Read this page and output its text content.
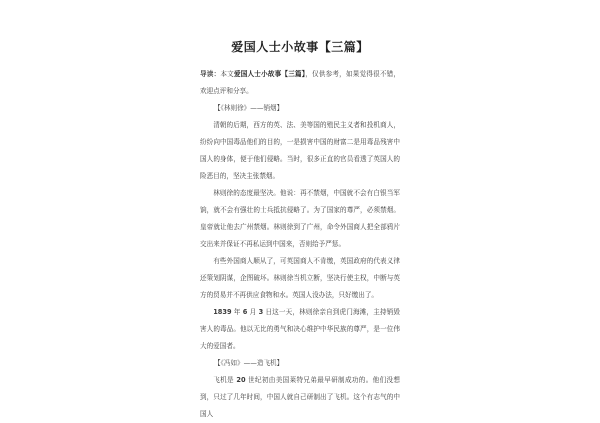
爱国人士小故事【三篇】

导读：本文爱国人士小故事【三篇】，仅供参考，如果觉得很不错，欢迎点评和分享。

【《林则徐》——销烟】

清朝的后期，西方的英、法、美等国的殖民主义者和投机商人，纷纷向中国毒品他们的目的，一是损害中国的财富二是用毒品残害中国人的身体，便于他们侵略。当时，很多正直的官员看透了英国人的险恶目的，坚决主张禁烟。

林则徐的态度最坚决。他说：再不禁烟，中国就不会有白银当军饷，就不会有强壮的士兵抵抗侵略了。为了国家的尊严，必须禁烟。皇帝就让他去广州禁烟。林则徐到了广州，命令外国商人把全部鸦片交出来并保证不再私运到中国来，否则给予严惩。

有些外国商人顺从了，可英国商人不肯缴，英国政府的代表义律还策划阴谋，企图破坏。林则徐当机立断，坚决行使主权，中断与英方的贸易并不再供应食物和水。英国人没办法，只好缴出了。

1839 年 6 月 3 日这一天，林则徐亲自到虎门海滩，主持销毁害人的毒品。他以无比的勇气和决心维护中华民族的尊严，是一位伟大的爱国者。

【《冯如》——造飞机】

飞机是 20 世纪初由美国莱特兄弟最早研制成功的。他们没想到，只过了几年时间，中国人就自己研制出了飞机。这个有志气的中国人
